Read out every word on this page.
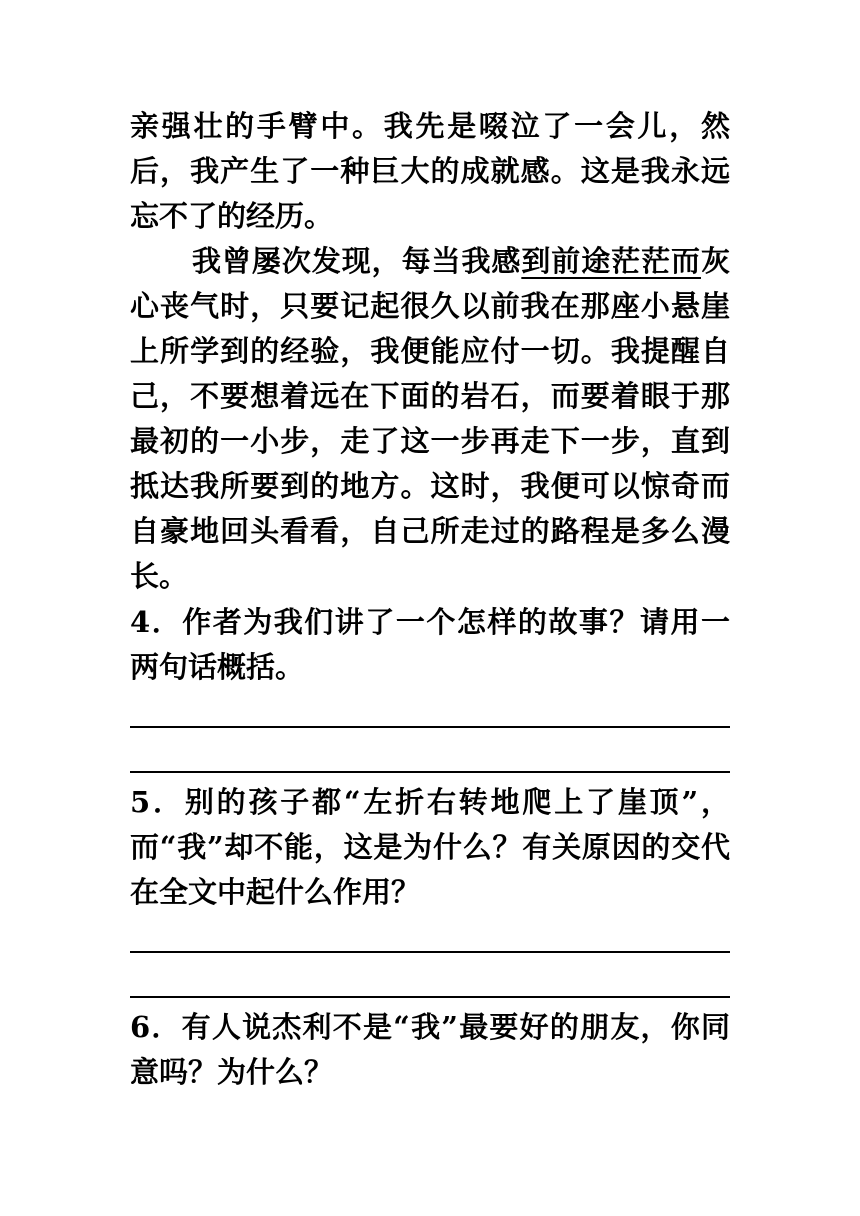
亲强壮的手臂中。我先是啜泣了一会儿，然后，我产生了一种巨大的成就感。这是我永远忘不了的经历。
我曾屡次发现，每当我感到前途茫茫而灰心丧气时，只要记起很久以前我在那座小悬崖上所学到的经验，我便能应付一切。我提醒自己，不要想着远在下面的岩石，而要着眼于那最初的一小步，走了这一步再走下一步，直到抵达我所要到的地方。这时，我便可以惊奇而自豪地回头看看，自己所走过的路程是多么漫长。
4．作者为我们讲了一个怎样的故事？请用一两句话概括。
5．别的孩子都“左折右转地爬上了崖顶”，而“我”却不能，这是为什么？有关原因的交代在全文中起什么作用？
6．有人说杰利不是“我”最要好的朋友，你同意吗？为什么？
